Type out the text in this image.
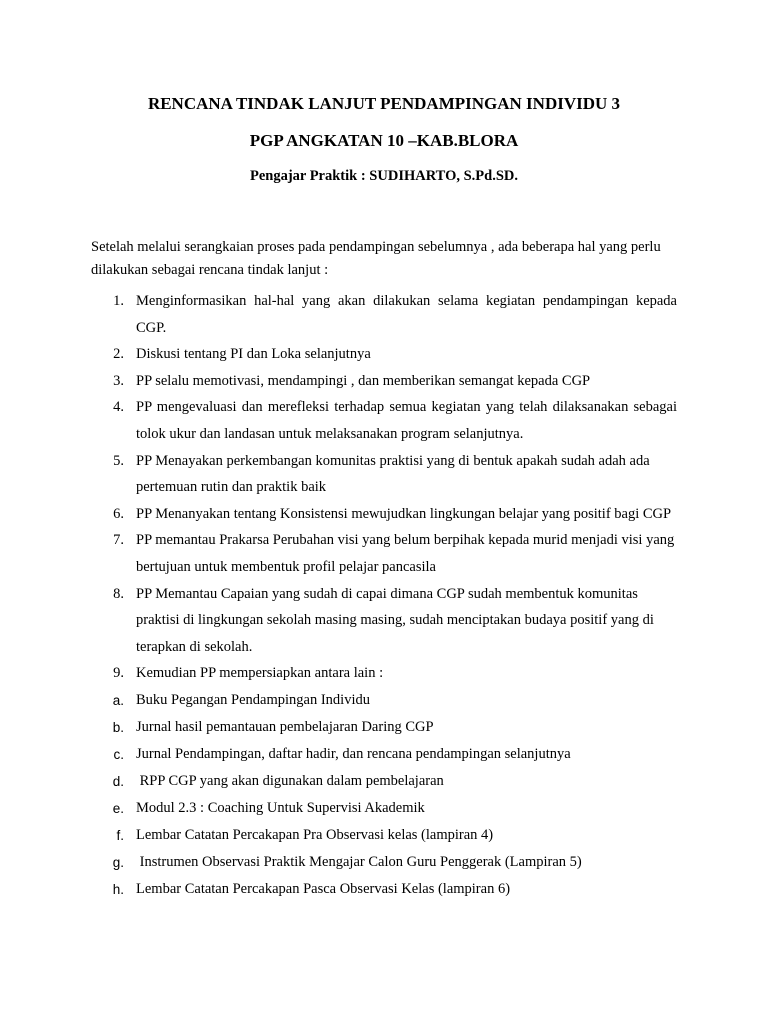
RENCANA TINDAK LANJUT PENDAMPINGAN INDIVIDU 3
PGP ANGKATAN 10 –KAB.BLORA
Pengajar Praktik : SUDIHARTO, S.Pd.SD.
Setelah melalui serangkaian proses pada pendampingan sebelumnya , ada beberapa hal yang perlu dilakukan sebagai rencana tindak lanjut :
1. Menginformasikan hal-hal yang akan dilakukan selama kegiatan pendampingan kepada CGP.
2. Diskusi tentang PI dan Loka selanjutnya
3. PP selalu memotivasi, mendampingi , dan memberikan semangat kepada CGP
4. PP mengevaluasi dan merefleksi terhadap semua kegiatan yang telah dilaksanakan sebagai tolok ukur dan landasan untuk melaksanakan program selanjutnya.
5. PP Menayakan perkembangan komunitas praktisi yang di bentuk apakah sudah adah ada pertemuan rutin dan praktik baik
6. PP Menanyakan tentang Konsistensi mewujudkan lingkungan belajar yang positif bagi CGP
7. PP memantau Prakarsa Perubahan visi yang belum berpihak kepada murid menjadi visi yang bertujuan untuk membentuk profil pelajar pancasila
8. PP Memantau Capaian yang sudah di capai dimana CGP sudah membentuk komunitas praktisi di lingkungan sekolah masing masing, sudah menciptakan budaya positif yang di terapkan di sekolah.
9. Kemudian PP mempersiapkan antara lain :
a. Buku Pegangan Pendampingan Individu
b. Jurnal hasil pemantauan pembelajaran Daring CGP
c. Jurnal Pendampingan, daftar hadir, dan rencana pendampingan selanjutnya
d. RPP CGP yang akan digunakan dalam pembelajaran
e. Modul 2.3 : Coaching Untuk Supervisi Akademik
f. Lembar Catatan Percakapan Pra Observasi kelas (lampiran 4)
g. Instrumen Observasi Praktik Mengajar Calon Guru Penggerak (Lampiran 5)
h. Lembar Catatan Percakapan Pasca Observasi Kelas (lampiran 6)
